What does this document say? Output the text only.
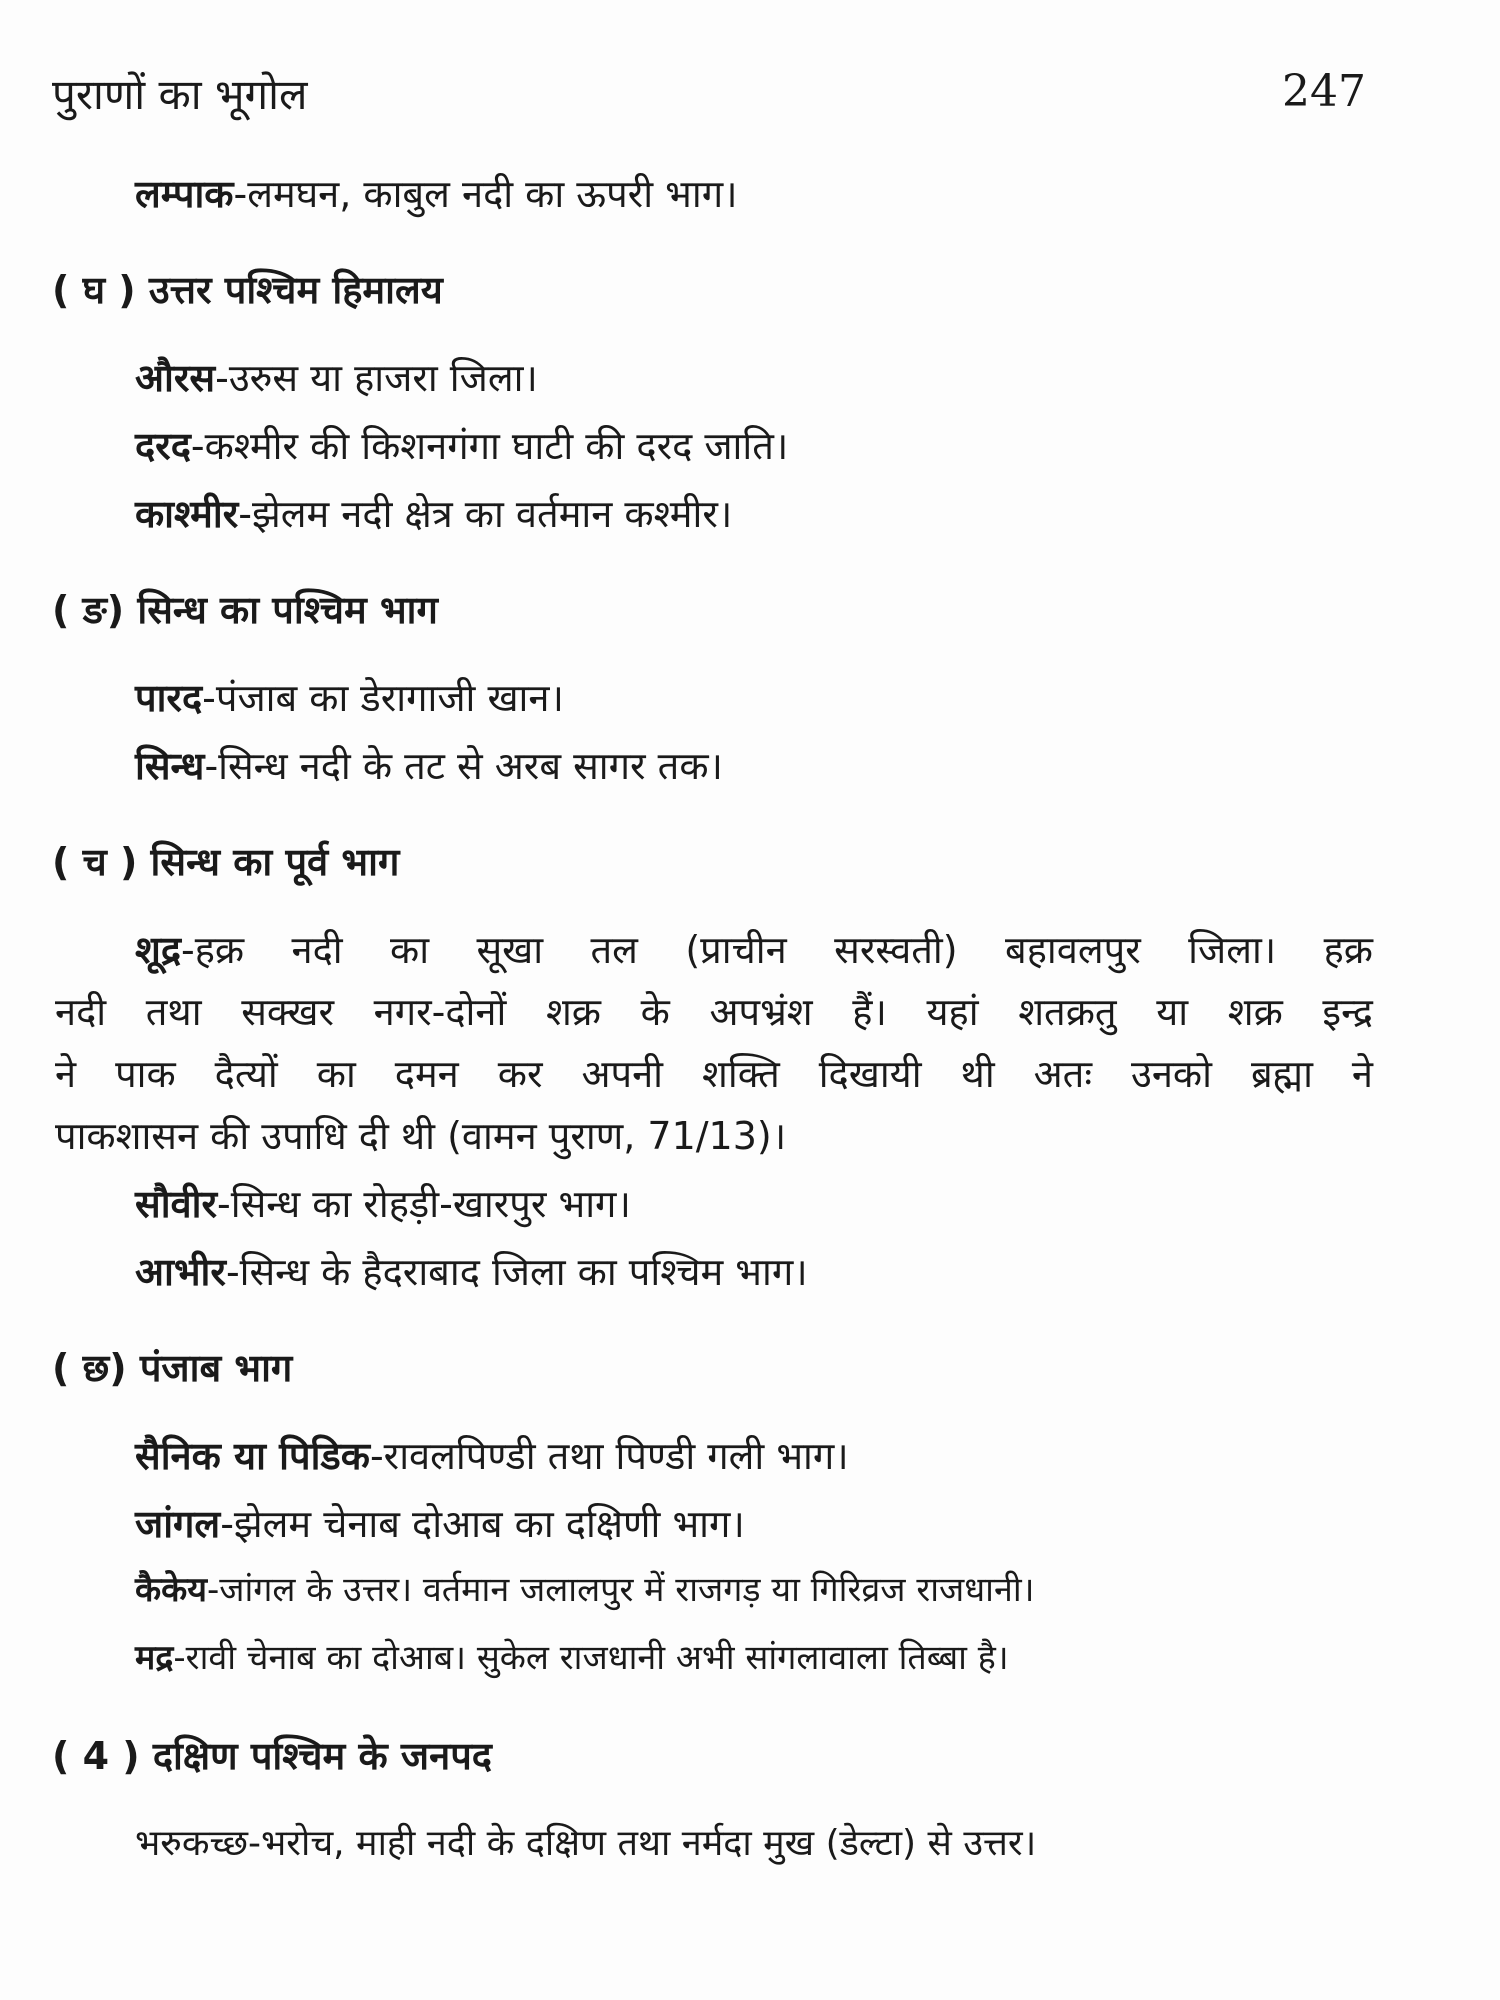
पुराणों का भूगोल	247
लम्पाक-लमघन, काबुल नदी का ऊपरी भाग।
( घ ) उत्तर पश्चिम हिमालय
औरस-उरुस या हाजरा जिला।
दरद-कश्मीर की किशनगंगा घाटी की दरद जाति।
काश्मीर-झेलम नदी क्षेत्र का वर्तमान कश्मीर।
( ङ) सिन्ध का पश्चिम भाग
पारद-पंजाब का डेरागाजी खान।
सिन्ध-सिन्ध नदी के तट से अरब सागर तक।
( च ) सिन्ध का पूर्व भाग
शूद्र-हक्र नदी का सूखा तल (प्राचीन सरस्वती) बहावलपुर जिला। हक्र
नदी तथा सक्खर नगर-दोनों शक्र के अपभ्रंश हैं। यहां शतक्रतु या शक्र इन्द्र
ने पाक दैत्यों का दमन कर अपनी शक्ति दिखायी थी अतः उनको ब्रह्मा ने
पाकशासन की उपाधि दी थी (वामन पुराण, 71/13)।
सौवीर-सिन्ध का रोहड़ी-खारपुर भाग।
आभीर-सिन्ध के हैदराबाद जिला का पश्चिम भाग।
( छ) पंजाब भाग
सैनिक या पिडिक-रावलपिण्डी तथा पिण्डी गली भाग।
जांगल-झेलम चेनाब दोआब का दक्षिणी भाग।
कैकेय-जांगल के उत्तर। वर्तमान जलालपुर में राजगड़ या गिरिव्रज राजधानी।
मद्र-रावी चेनाब का दोआब। सुकेल राजधानी अभी सांगलावाला तिब्बा है।
( 4 ) दक्षिण पश्चिम के जनपद
भरुकच्छ-भरोच, माही नदी के दक्षिण तथा नर्मदा मुख (डेल्टा) से उत्तर।
